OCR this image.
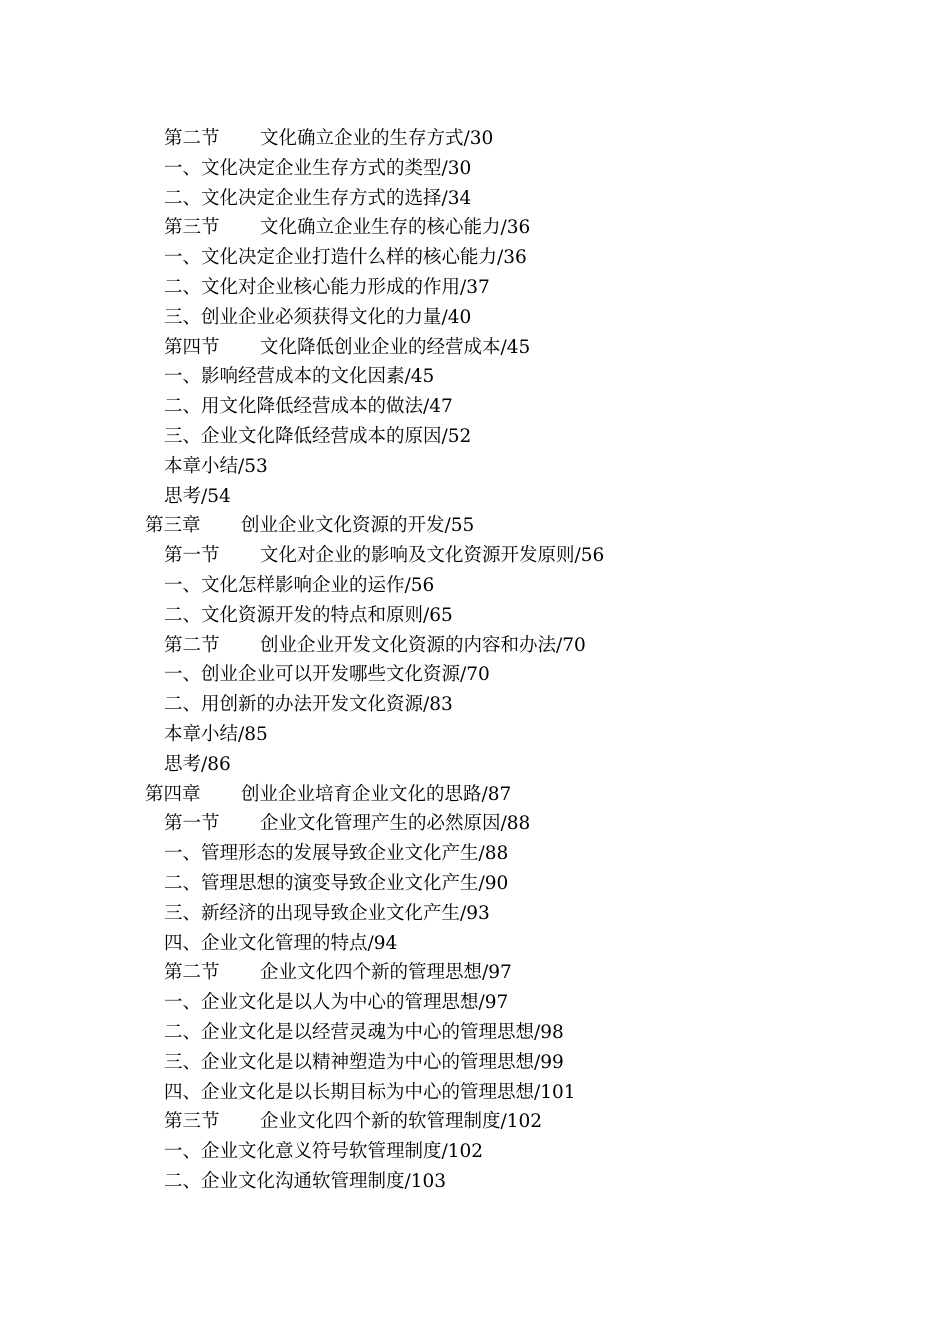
第二节 文化确立企业的生存方式/30
一、文化决定企业生存方式的类型/30
二、文化决定企业生存方式的选择/34
第三节 文化确立企业生存的核心能力/36
一、文化决定企业打造什么样的核心能力/36
二、文化对企业核心能力形成的作用/37
三、创业企业必须获得文化的力量/40
第四节 文化降低创业企业的经营成本/45
一、影响经营成本的文化因素/45
二、用文化降低经营成本的做法/47
三、企业文化降低经营成本的原因/52
本章小结/53
思考/54
第三章 创业企业文化资源的开发/55
第一节 文化对企业的影响及文化资源开发原则/56
一、文化怎样影响企业的运作/56
二、文化资源开发的特点和原则/65
第二节 创业企业开发文化资源的内容和办法/70
一、创业企业可以开发哪些文化资源/70
二、用创新的办法开发文化资源/83
本章小结/85
思考/86
第四章 创业企业培育企业文化的思路/87
第一节 企业文化管理产生的必然原因/88
一、管理形态的发展导致企业文化产生/88
二、管理思想的演变导致企业文化产生/90
三、新经济的出现导致企业文化产生/93
四、企业文化管理的特点/94
第二节 企业文化四个新的管理思想/97
一、企业文化是以人为中心的管理思想/97
二、企业文化是以经营灵魂为中心的管理思想/98
三、企业文化是以精神塑造为中心的管理思想/99
四、企业文化是以长期目标为中心的管理思想/101
第三节 企业文化四个新的软管理制度/102
一、企业文化意义符号软管理制度/102
二、企业文化沟通软管理制度/103
